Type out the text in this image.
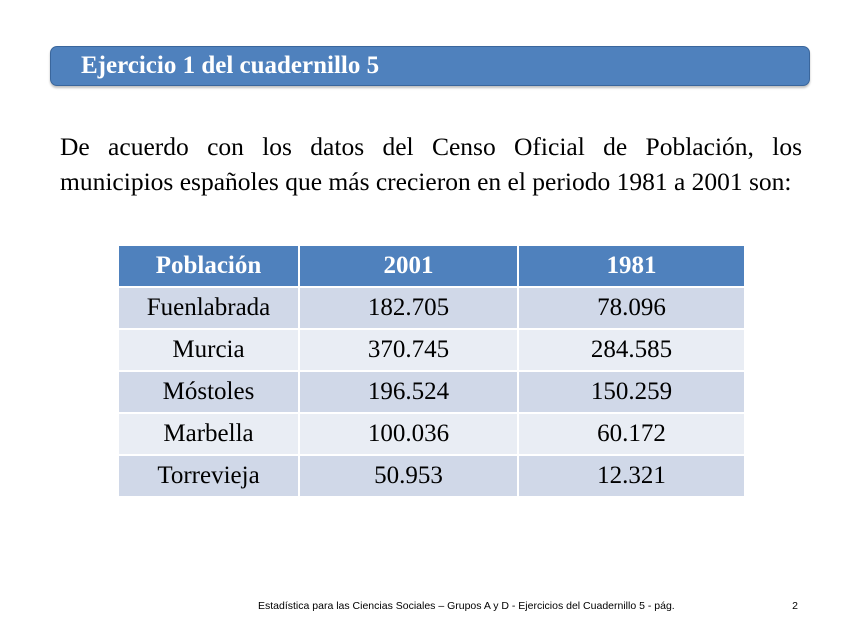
Ejercicio 1 del cuadernillo 5
De acuerdo con los datos del Censo Oficial de Población, los municipios españoles que más crecieron en el periodo 1981 a 2001 son:
Población	2001	1981
Fuenlabrada	182.705	78.096
Murcia	370.745	284.585
Móstoles	196.524	150.259
Marbella	100.036	60.172
Torrevieja	50.953	12.321
Estadística para las Ciencias Sociales – Grupos A y D - Ejercicios del Cuadernillo 5 - pág.	2
